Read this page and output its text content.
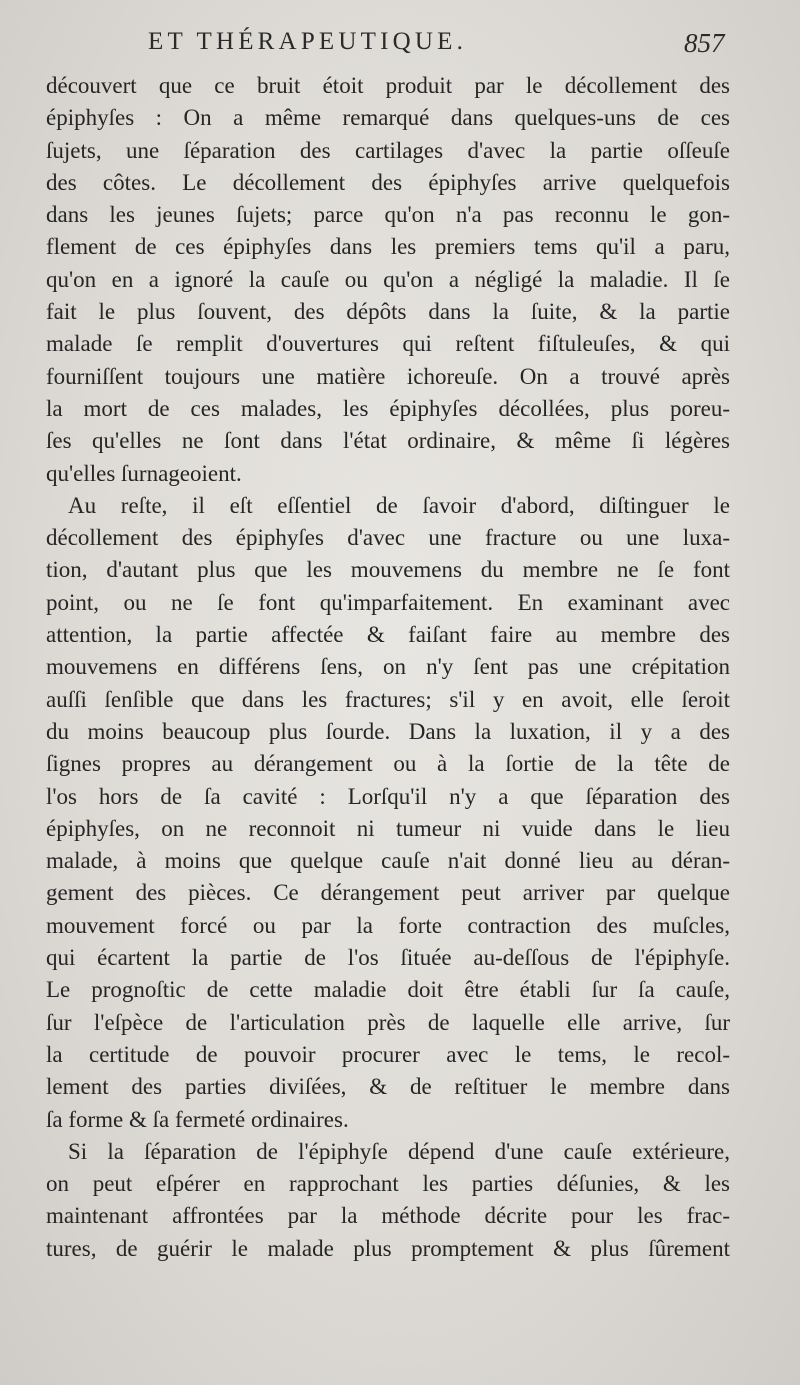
ET THÉRAPEUTIQUE.	857
découvert que ce bruit étoit produit par le décollement des
épiphyſes : On a même remarqué dans quelques-uns de ces
ſujets, une ſéparation des cartilages d'avec la partie oſſeuſe
des côtes. Le décollement des épiphyſes arrive quelquefois
dans les jeunes ſujets; parce qu'on n'a pas reconnu le gon-
flement de ces épiphyſes dans les premiers tems qu'il a paru,
qu'on en a ignoré la cauſe ou qu'on a négligé la maladie. Il ſe
fait le plus ſouvent, des dépôts dans la ſuite, & la partie
malade ſe remplit d'ouvertures qui reſtent fiſtuleuſes, & qui
fourniſſent toujours une matière ichoreuſe. On a trouvé après
la mort de ces malades, les épiphyſes décollées, plus poreu-
ſes qu'elles ne ſont dans l'état ordinaire, & même ſi légères
qu'elles ſurnageoient.
Au reſte, il eſt eſſentiel de ſavoir d'abord, diſtinguer le
décollement des épiphyſes d'avec une fracture ou une luxa-
tion, d'autant plus que les mouvemens du membre ne ſe font
point, ou ne ſe font qu'imparfaitement. En examinant avec
attention, la partie affectée & faiſant faire au membre des
mouvemens en différens ſens, on n'y ſent pas une crépitation
auſſi ſenſible que dans les fractures; s'il y en avoit, elle ſeroit
du moins beaucoup plus ſourde. Dans la luxation, il y a des
ſignes propres au dérangement ou à la ſortie de la tête de
l'os hors de ſa cavité : Lorſqu'il n'y a que ſéparation des
épiphyſes, on ne reconnoit ni tumeur ni vuide dans le lieu
malade, à moins que quelque cauſe n'ait donné lieu au déran-
gement des pièces. Ce dérangement peut arriver par quelque
mouvement forcé ou par la forte contraction des muſcles,
qui écartent la partie de l'os ſituée au-deſſous de l'épiphyſe.
Le prognoſtic de cette maladie doit être établi ſur ſa cauſe,
ſur l'eſpèce de l'articulation près de laquelle elle arrive, ſur
la certitude de pouvoir procurer avec le tems, le recol-
lement des parties diviſées, & de reſtituer le membre dans
ſa forme & ſa fermeté ordinaires.
Si la ſéparation de l'épiphyſe dépend d'une cauſe extérieure,
on peut eſpérer en rapprochant les parties déſunies, & les
maintenant affrontées par la méthode décrite pour les frac-
tures, de guérir le malade plus promptement & plus ſûrement
